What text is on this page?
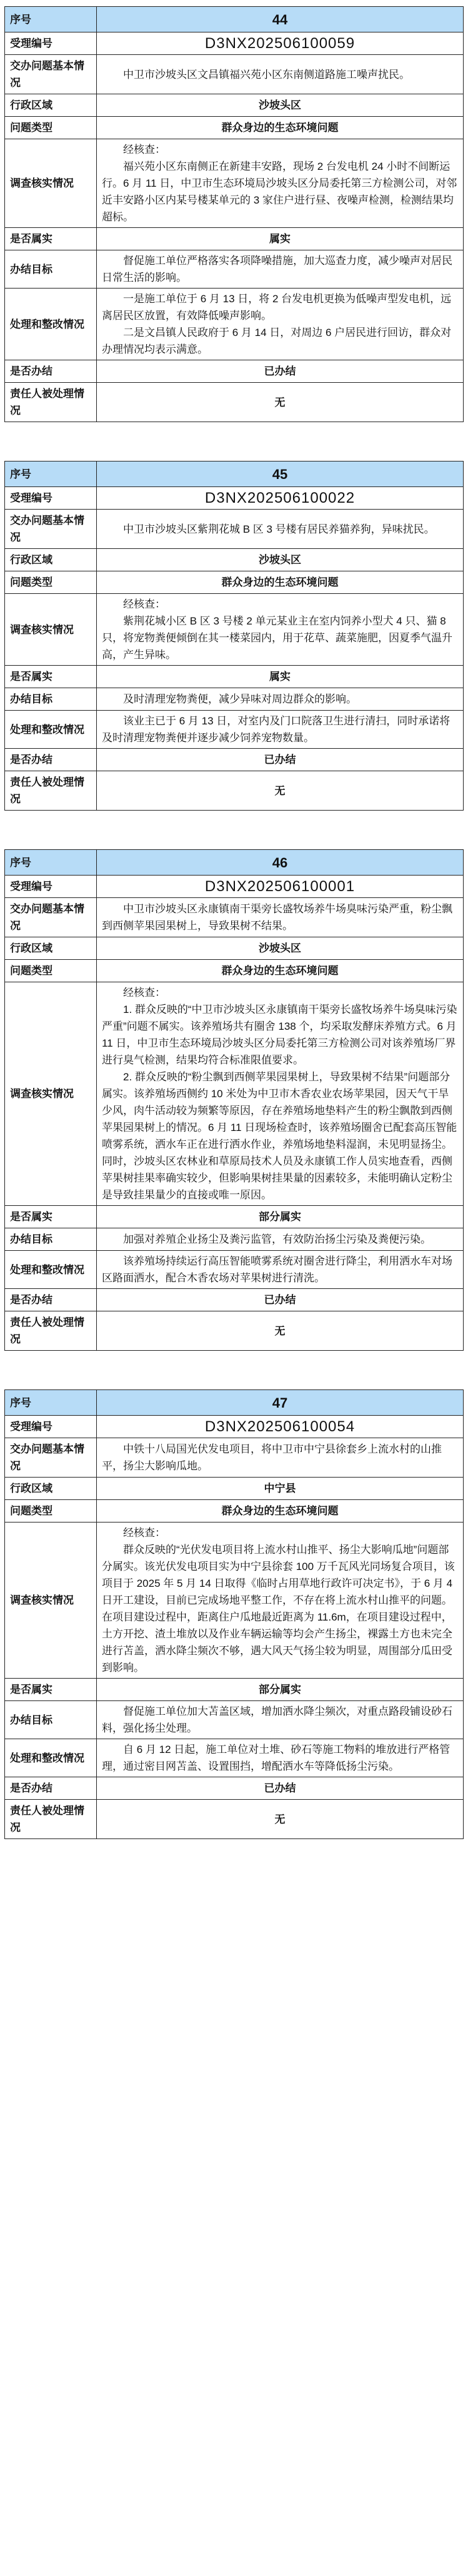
序号	44
受理编号	D3NX202506100059
交办问题基本情况	中卫市沙坡头区文昌镇福兴苑小区东南侧道路施工噪声扰民。
行政区域	沙坡头区
问题类型	群众身边的生态环境问题
调查核实情况	经核查：

福兴苑小区东南侧正在新建丰安路，现场 2 台发电机 24 小时不间断运行。6 月 11 日，中卫市生态环境局沙坡头区分局委托第三方检测公司，对邻近丰安路小区内某号楼某单元的 3 家住户进行昼、夜噪声检测，检测结果均超标。

是否属实	属实
办结目标	督促施工单位严格落实各项降噪措施，加大巡查力度，减少噪声对居民日常生活的影响。
处理和整改情况	一是施工单位于 6 月 13 日，将 2 台发电机更换为低噪声型发电机，远离居民区放置，有效降低噪声影响。

二是文昌镇人民政府于 6 月 14 日，对周边 6 户居民进行回访，群众对办理情况均表示满意。

是否办结	已办结
责任人被处理情况	无
序号	45
受理编号	D3NX202506100022
交办问题基本情况	中卫市沙坡头区紫荆花城 B 区 3 号楼有居民养猫养狗，异味扰民。
行政区域	沙坡头区
问题类型	群众身边的生态环境问题
调查核实情况	经核查：

紫荆花城小区 B 区 3 号楼 2 单元某业主在室内饲养小型犬 4 只、猫 8 只，将宠物粪便倾倒在其一楼菜园内，用于花草、蔬菜施肥，因夏季气温升高，产生异味。

是否属实	属实
办结目标	及时清理宠物粪便，减少异味对周边群众的影响。
处理和整改情况	该业主已于 6 月 13 日，对室内及门口院落卫生进行清扫，同时承诺将及时清理宠物粪便并逐步减少饲养宠物数量。

是否办结	已办结
责任人被处理情况	无
序号	46
受理编号	D3NX202506100001
交办问题基本情况	中卫市沙坡头区永康镇南干渠旁长盛牧场养牛场臭味污染严重，粉尘飘到西侧苹果园果树上，导致果树不结果。
行政区域	沙坡头区
问题类型	群众身边的生态环境问题
调查核实情况	经核查：

1. 群众反映的“中卫市沙坡头区永康镇南干渠旁长盛牧场养牛场臭味污染严重”问题不属实。该养殖场共有圈舍 138 个，均采取发酵床养殖方式。6 月 11 日，中卫市生态环境局沙坡头区分局委托第三方检测公司对该养殖场厂界进行臭气检测，结果均符合标准限值要求。

2. 群众反映的“粉尘飘到西侧苹果园果树上，导致果树不结果”问题部分属实。该养殖场西侧约 10 米处为中卫市木香农业农场苹果园，因天气干旱少风，肉牛活动较为频繁等原因，存在养殖场地垫料产生的粉尘飘散到西侧苹果园果树上的情况。6 月 11 日现场检查时，该养殖场圈舍已配套高压智能喷雾系统，洒水车正在进行洒水作业，养殖场地垫料湿润，未见明显扬尘。同时，沙坡头区农林业和草原局技术人员及永康镇工作人员实地查看，西侧苹果树挂果率确实较少，但影响果树挂果量的因素较多，未能明确认定粉尘是导致挂果量少的直接或唯一原因。

是否属实	部分属实
办结目标	加强对养殖企业扬尘及粪污监管，有效防治扬尘污染及粪便污染。
处理和整改情况	该养殖场持续运行高压智能喷雾系统对圈舍进行降尘，利用洒水车对场区路面洒水，配合木香农场对苹果树进行清洗。

是否办结	已办结
责任人被处理情况	无
序号	47
受理编号	D3NX202506100054
交办问题基本情况	中铁十八局国光伏发电项目，将中卫市中宁县徐套乡上流水村的山推平，扬尘大影响瓜地。
行政区域	中宁县
问题类型	群众身边的生态环境问题
调查核实情况	经核查：

群众反映的“光伏发电项目将上流水村山推平、扬尘大影响瓜地”问题部分属实。该光伏发电项目实为中宁县徐套 100 万千瓦风光同场复合项目，该项目于 2025 年 5 月 14 日取得《临时占用草地行政许可决定书》，于 6 月 4 日开工建设，目前已完成场地平整工作，不存在将上流水村山推平的问题。在项目建设过程中，距离住户瓜地最近距离为 11.6m，在项目建设过程中，土方开挖、渣土堆放以及作业车辆运输等均会产生扬尘，裸露土方也未完全进行苫盖，洒水降尘频次不够，遇大风天气扬尘较为明显，周围部分瓜田受到影响。

是否属实	部分属实
办结目标	督促施工单位加大苫盖区域，增加洒水降尘频次，对重点路段铺设砂石料，强化扬尘处理。
处理和整改情况	自 6 月 12 日起，施工单位对土堆、砂石等施工物料的堆放进行严格管理，通过密目网苫盖、设置围挡，增配洒水车等降低扬尘污染。

是否办结	已办结
责任人被处理情况	无
